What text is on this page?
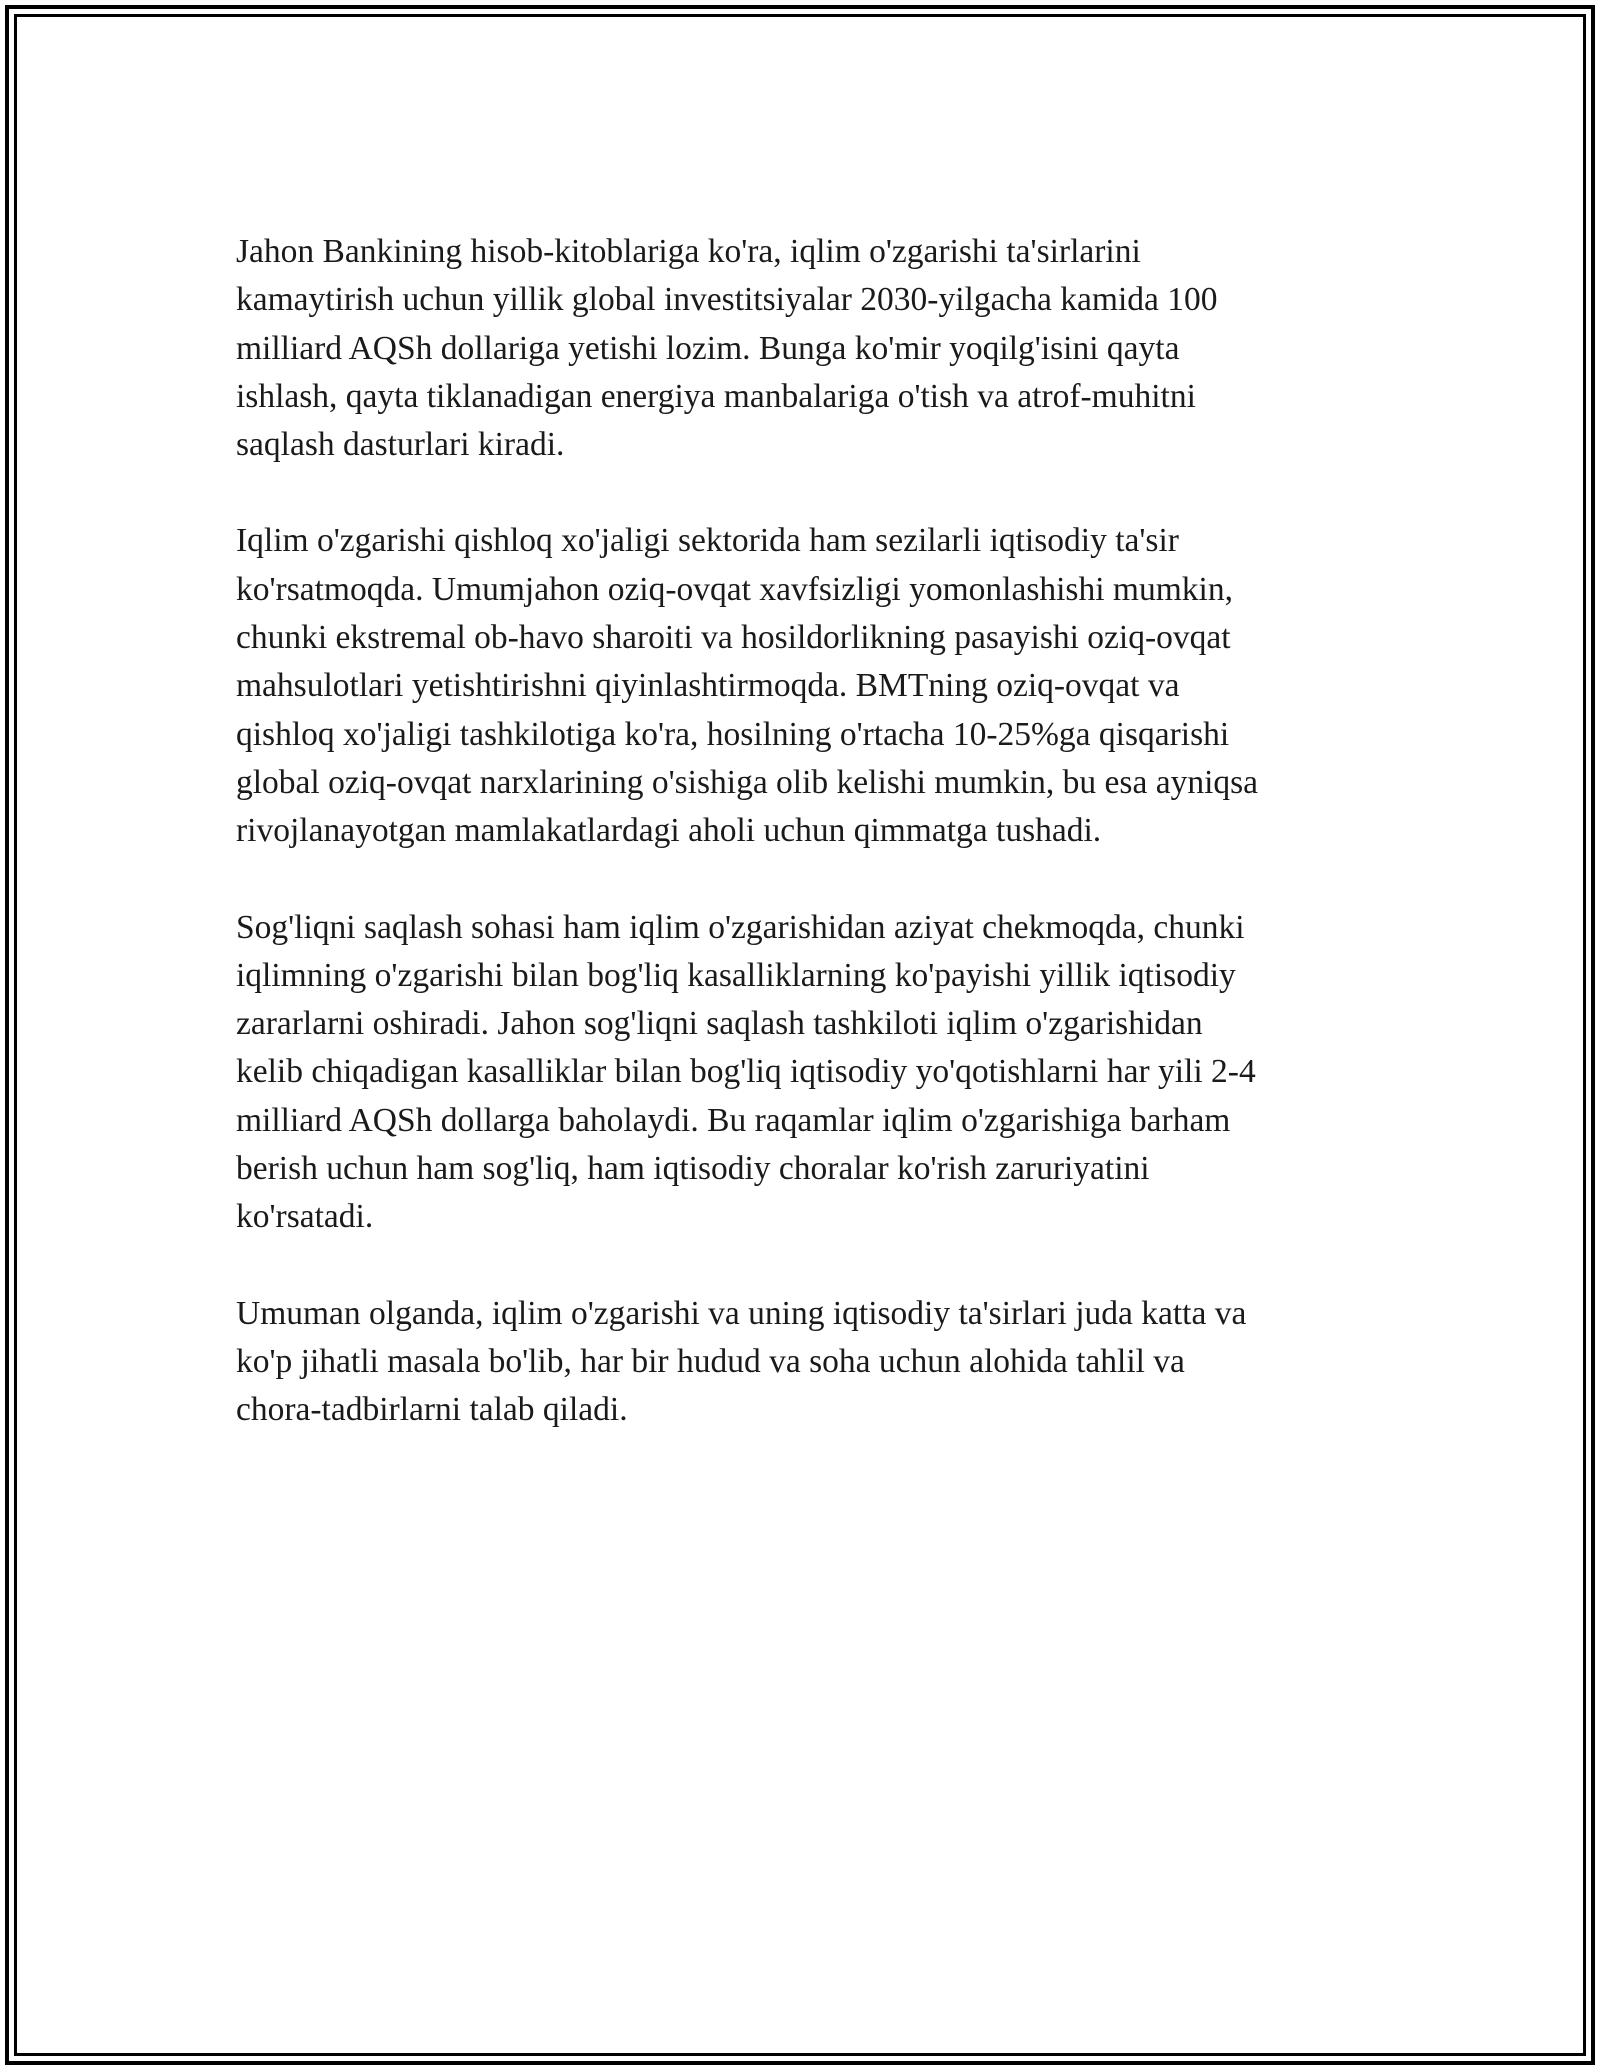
Jahon Bankining hisob-kitoblariga ko'ra, iqlim o'zgarishi ta'sirlarini
kamaytirish uchun yillik global investitsiyalar 2030-yilgacha kamida 100
milliard AQSh dollariga yetishi lozim. Bunga ko'mir yoqilg'isini qayta
ishlash, qayta tiklanadigan energiya manbalariga o'tish va atrof-muhitni
saqlash dasturlari kiradi.

Iqlim o'zgarishi qishloq xo'jaligi sektorida ham sezilarli iqtisodiy ta'sir
ko'rsatmoqda. Umumjahon oziq-ovqat xavfsizligi yomonlashishi mumkin,
chunki ekstremal ob-havo sharoiti va hosildorlikning pasayishi oziq-ovqat
mahsulotlari yetishtirishni qiyinlashtirmoqda. BMTning oziq-ovqat va
qishloq xo'jaligi tashkilotiga ko'ra, hosilning o'rtacha 10-25%ga qisqarishi
global oziq-ovqat narxlarining o'sishiga olib kelishi mumkin, bu esa ayniqsa
rivojlanayotgan mamlakatlardagi aholi uchun qimmatga tushadi.

Sog'liqni saqlash sohasi ham iqlim o'zgarishidan aziyat chekmoqda, chunki
iqlimning o'zgarishi bilan bog'liq kasalliklarning ko'payishi yillik iqtisodiy
zararlarni oshiradi. Jahon sog'liqni saqlash tashkiloti iqlim o'zgarishidan
kelib chiqadigan kasalliklar bilan bog'liq iqtisodiy yo'qotishlarni har yili 2-4
milliard AQSh dollarga baholaydi. Bu raqamlar iqlim o'zgarishiga barham
berish uchun ham sog'liq, ham iqtisodiy choralar ko'rish zaruriyatini
ko'rsatadi.

Umuman olganda, iqlim o'zgarishi va uning iqtisodiy ta'sirlari juda katta va
ko'p jihatli masala bo'lib, har bir hudud va soha uchun alohida tahlil va
chora-tadbirlarni talab qiladi.
